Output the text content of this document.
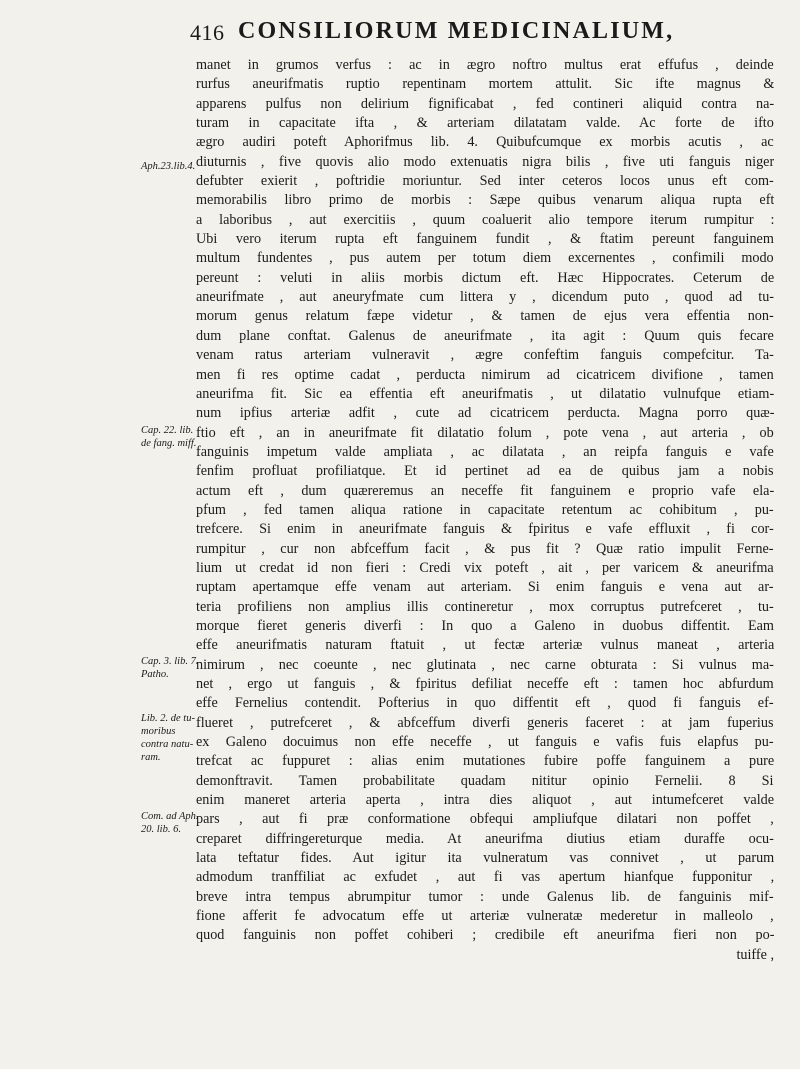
416 CONSILIORUM MEDICINALIUM,
Aph.23.lib.4.
Cap. 22. lib.
de fang. miff.
Cap. 3. lib. 7.
Patho.
Lib. 2. de tu-
moribus
contra natu-
ram.
Com. ad Aph.
20. lib. 6.
manet in grumos verfus : ac in ægro noftro multus erat effufus , deinde
rurfus aneurifmatis ruptio repentinam mortem attulit. Sic ifte magnus &
apparens pulfus non delirium fignificabat , fed contineri aliquid contra na-
turam in capacitate ifta , & arteriam dilatatam valde. Ac forte de ifto
ægro audiri poteft Aphorifmus lib. 4. Quibufcumque ex morbis acutis , ac
diuturnis , five quovis alio modo extenuatis nigra bilis , five uti fanguis niger
defubter exierit , poftridie moriuntur. Sed inter ceteros locos unus eft com-
memorabilis libro primo de morbis : Sæpe quibus venarum aliqua rupta eft
a laboribus , aut exercitiis , quum coaluerit alio tempore iterum rumpitur :
Ubi vero iterum rupta eft fanguinem fundit , & ftatim pereunt fanguinem
multum fundentes , pus autem per totum diem excernentes , confimili modo
pereunt : veluti in aliis morbis dictum eft. Hæc Hippocrates. Ceterum de
aneurifmate , aut aneuryfmate cum littera y , dicendum puto , quod ad tu-
morum genus relatum fæpe videtur , & tamen de ejus vera effentia non-
dum plane conftat. Galenus de aneurifmate , ita agit : Quum quis fecare
venam ratus arteriam vulneravit , ægre confeftim fanguis compefcitur. Ta-
men fi res optime cadat , perducta nimirum ad cicatricem divifione , tamen
aneurifma fit. Sic ea effentia eft aneurifmatis , ut dilatatio vulnufque etiam-
num ipfius arteriæ adfit , cute ad cicatricem perducta. Magna porro quæ-
ftio eft , an in aneurifmate fit dilatatio folum , pote vena , aut arteria , ob
fanguinis impetum valde ampliata , ac dilatata , an reipfa fanguis e vafe
fenfim profluat profiliatque. Et id pertinet ad ea de quibus jam a nobis
actum eft , dum quæreremus an neceffe fit fanguinem e proprio vafe ela-
pfum , fed tamen aliqua ratione in capacitate retentum ac cohibitum , pu-
trefcere. Si enim in aneurifmate fanguis & fpiritus e vafe effluxit , fi cor-
rumpitur , cur non abfceffum facit , & pus fit ? Quæ ratio impulit Ferne-
lium ut credat id non fieri : Credi vix poteft , ait , per varicem & aneurifma
ruptam apertamque effe venam aut arteriam. Si enim fanguis e vena aut ar-
teria profiliens non amplius illis contineretur , mox corruptus putrefceret , tu-
morque fieret generis diverfi : In quo a Galeno in duobus diffentit. Eam
effe aneurifmatis naturam ftatuit , ut fectæ arteriæ vulnus maneat , arteria
nimirum , nec coeunte , nec glutinata , nec carne obturata : Si vulnus ma-
net , ergo ut fanguis , & fpiritus defiliat neceffe eft : tamen hoc abfurdum
effe Fernelius contendit. Pofterius in quo diffentit eft , quod fi fanguis ef-
flueret , putrefceret , & abfceffum diverfi generis faceret : at jam fuperius
ex Galeno docuimus non effe neceffe , ut fanguis e vafis fuis elapfus pu-
trefcat ac fuppuret : alias enim mutationes fubire poffe fanguinem a pure
demonftravit. Tamen probabilitate quadam nititur opinio Fernelii. 8 Si
enim maneret arteria aperta , intra dies aliquot , aut intumefceret valde
pars , aut fi præ conformatione obfequi ampliufque dilatari non poffet ,
creparet diffringereturque media. At aneurifma diutius etiam duraffe ocu-
lata teftatur fides. Aut igitur ita vulneratum vas connivet , ut parum
admodum tranffiliat ac exfudet , aut fi vas apertum hianfque fupponitur ,
breve intra tempus abrumpitur tumor : unde Galenus lib. de fanguinis mif-
fione afferit fe advocatum effe ut arteriæ vulneratæ mederetur in malleolo ,
quod fanguinis non poffet cohiberi ; credibile eft aneurifma fieri non po-
tuiffe ,
